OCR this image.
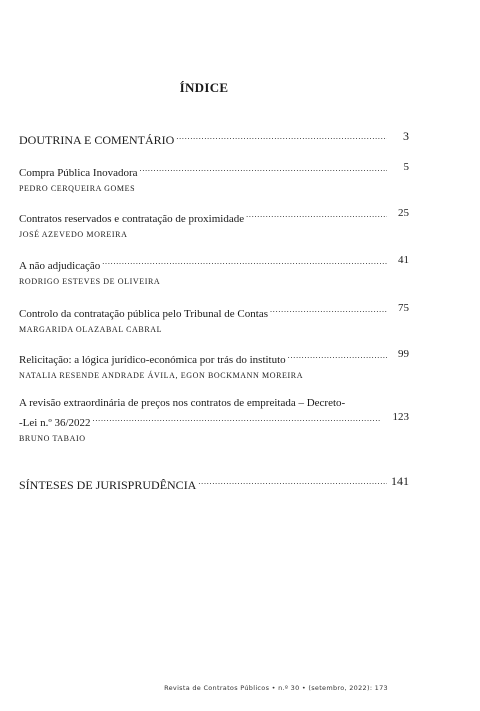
ÍNDICE
DOUTRINA E COMENTÁRIO . . .	3
Compra Pública Inovadora . . .	5
PEDRO CERQUEIRA GOMES
Contratos reservados e contratação de proximidade . . .	25
JOSÉ AZEVEDO MOREIRA
A não adjudicação . . .	41
RODRIGO ESTEVES DE OLIVEIRA
Controlo da contratação pública pelo Tribunal de Contas . . .	75
MARGARIDA OLAZABAL CABRAL
Relicitação: a lógica jurídico-económica por trás do instituto . . .	99
NATALIA RESENDE ANDRADE ÁVILA, EGON BOCKMANN MOREIRA
A revisão extraordinária de preços nos contratos de empreitada – Decreto-
-Lei n.º 36/2022 . . .	123
BRUNO TABAIO
SÍNTESES DE JURISPRUDÊNCIA . . .	141
Revista de Contratos Públicos • n.º 30 • (setembro, 2022): 173
